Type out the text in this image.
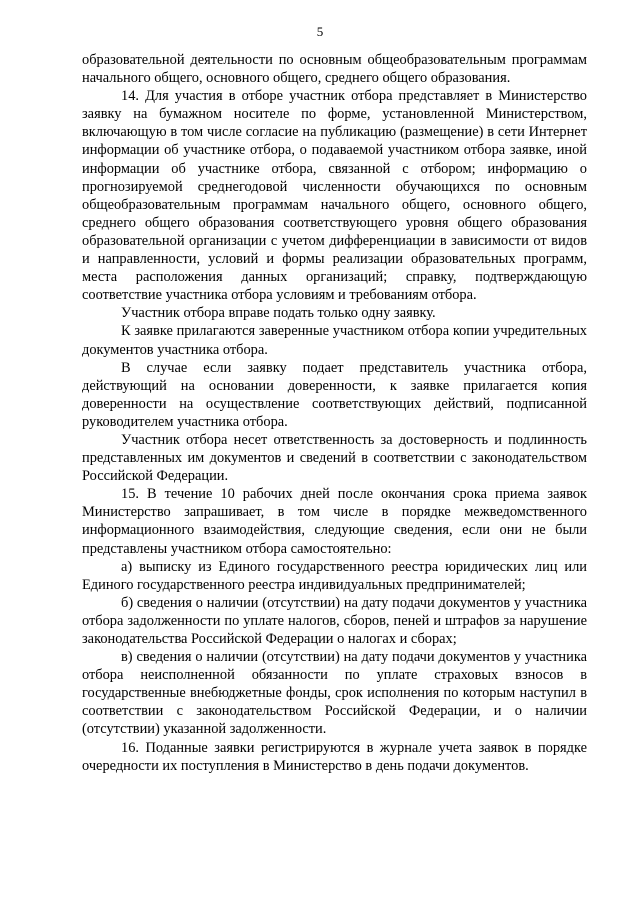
5

образовательной деятельности по основным общеобразовательным программам начального общего, основного общего, среднего общего образования.

14. Для участия в отборе участник отбора представляет в Министерство заявку на бумажном носителе по форме, установленной Министерством, включающую в том числе согласие на публикацию (размещение) в сети Интернет информации об участнике отбора, о подаваемой участником отбора заявке, иной информации об участнике отбора, связанной с отбором; информацию о прогнозируемой среднегодовой численности обучающихся по основным общеобразовательным программам начального общего, основного общего, среднего общего образования соответствующего уровня общего образования образовательной организации с учетом дифференциации в зависимости от видов и направленности, условий и формы реализации образовательных программ, места расположения данных организаций; справку, подтверждающую соответствие участника отбора условиям и требованиям отбора.

Участник отбора вправе подать только одну заявку.

К заявке прилагаются заверенные участником отбора копии учредительных документов участника отбора.

В случае если заявку подает представитель участника отбора, действующий на основании доверенности, к заявке прилагается копия доверенности на осуществление соответствующих действий, подписанной руководителем участника отбора.

Участник отбора несет ответственность за достоверность и подлинность представленных им документов и сведений в соответствии с законодательством Российской Федерации.

15. В течение 10 рабочих дней после окончания срока приема заявок Министерство запрашивает, в том числе в порядке межведомственного информационного взаимодействия, следующие сведения, если они не были представлены участником отбора самостоятельно:

а) выписку из Единого государственного реестра юридических лиц или Единого государственного реестра индивидуальных предпринимателей;

б) сведения о наличии (отсутствии) на дату подачи документов у участника отбора задолженности по уплате налогов, сборов, пеней и штрафов за нарушение законодательства Российской Федерации о налогах и сборах;

в) сведения о наличии (отсутствии) на дату подачи документов у участника отбора неисполненной обязанности по уплате страховых взносов в государственные внебюджетные фонды, срок исполнения по которым наступил в соответствии с законодательством Российской Федерации, и о наличии (отсутствии) указанной задолженности.

16. Поданные заявки регистрируются в журнале учета заявок в порядке очередности их поступления в Министерство в день подачи документов.
